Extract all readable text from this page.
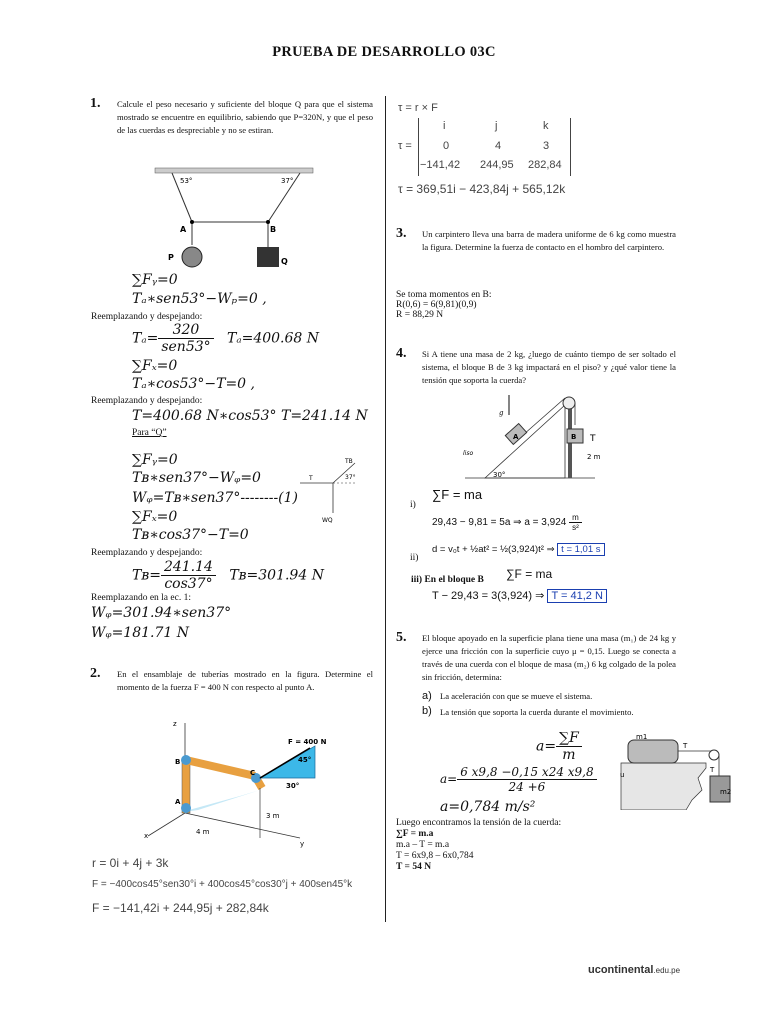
PRUEBA DE DESARROLLO 03C
1. Calcule el peso necesario y suficiente del bloque Q para que el sistema mostrado se encuentre en equilibrio, sabiendo que P=320N, y que el peso de las cuerdas es despreciable y no se estiran.
53°	37°
A	B
P	Q
∑Fᵧ=0
Tₐ∗sen53°−Wₚ=0 ,
Reemplazando y despejando:
$T_a= \frac{320}{\text{sen53°}} T_a=400.68$ N
∑Fₓ=0
Tₐ∗cos53°−T=0 ,
Reemplazando y despejando:
T=400.68 N∗cos53° T=241.14 N
Para “Q”
∑Fᵧ=0
Tʙ∗sen37°−Wᵩ=0
Wᵩ=Tʙ∗sen37°--------(1)
∑Fₓ=0
Tʙ∗cos37°−T=0
T
TB
37°
WQ
Reemplazando y despejando:
Tʙ= $\frac{241.14}{\cos 37^\circ}$ Tʙ=301.94 N
Reemplazando en la ec. 1:
Wᵩ=301.94∗sen37°
Wᵩ=181.71 N
2. En el ensamblaje de tuberías mostrado en la figura. Determine el momento de la fuerza F = 400 N con respecto al punto A.
F = 400 N
45°
30°
z
B
A
C
x
y
4 m
3 m
r = 0i + 4j + 3k
F = −400cos45°sen30°i + 400cos45°cos30°j + 400sen45°k
F = −141,42i + 244,95j + 282,84k
τ = r × F
τ =
i	j	k
0	4	3
−141,42 244,95 282,84
τ = 369,51i − 423,84j + 565,12k
3. Un carpintero lleva una barra de madera uniforme de 6 kg como muestra la figura. Determine la fuerza de contacto en el hombro del carpintero.
Se toma momentos en B:
R(0,6) = 6(9,81)(0,9)
R = 88,29 N
4. Si A tiene una masa de 2 kg, ¿luego de cuánto tiempo de ser soltado el sistema, el bloque B de 3 kg impactará en el piso? y ¿qué valor tiene la tensión que soporta la cuerda?
g
liso
30°
A	B T
2 m
i)
∑F = ma
29,43 − 9,81 = 5a ⇒ $a = 3,924 \frac{m}{\text{s²}}$
ii)
d = v₀t + ½at² = ½(3,924)t² ⇒ t = 1,01 s
iii) En el bloque B ∑F = ma
T − 29,43 = 3(3,924) ⇒ T = 41,2 N
5. El bloque apoyado en la superficie plana tiene una masa (m₁) de 24 kg y ejerce una fricción con la superficie cuyo μ = 0,15. Luego se conecta a través de una cuerda con el bloque de masa (m₂) 6 kg colgado de la polea sin fricción, determina:
a) La aceleración con que se mueve el sistema.
b) La tensión que soporta la cuerda durante el movimiento.
$a= \frac{\sum F}{m}$
$a= \frac{6 x9,8 -0,15 x24 x9,8}{24 +6}$
a=0,784 m/s²
m1
m2
T
T
u
Luego encontramos la tensión de la cuerda:
∑F = m.a
m.a – T = m.a
T = 6x9,8 – 6x0,784
T = 54 N
ucontinental.edu.pe
